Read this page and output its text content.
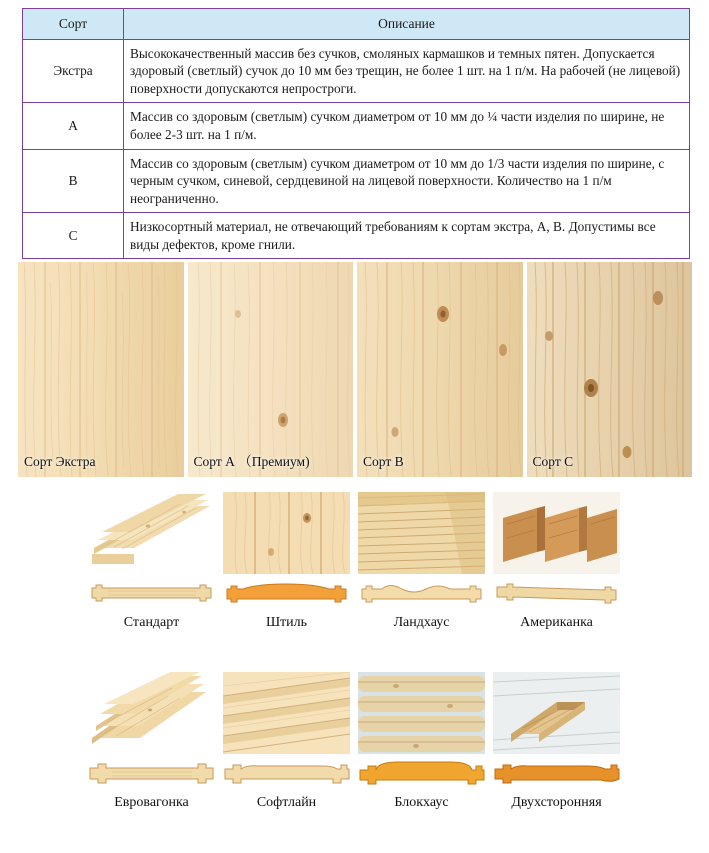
Сорт	Описание
Экстра	Высококачественный массив без сучков, смоляных кармашков и темных пятен. Допускается здоровый (светлый) сучок до 10 мм без трещин, не более 1 шт. на 1 п/м. На рабочей (не лицевой) поверхности допускаются непростроги.
А	Массив со здоровым (светлым) сучком диаметром от 10 мм до ¼ части изделия по ширине, не более 2-3 шт. на 1 п/м.
В	Массив со здоровым (светлым) сучком диаметром от 10 мм до 1/3 части изделия по ширине, с черным сучком, синевой, сердцевиной на лицевой поверхности. Количество на 1 п/м неограниченно.
С	Низкосортный материал, не отвечающий требованиям к сортам экстра, А, В. Допустимы все виды дефектов, кроме гнили.
Сорт Экстра	Сорт А （Премиум)	Сорт В	Сорт С
Стандарт	Штиль	Ландхаус	Американка
Евровагонка	Софтлайн	Блокхаус	Двухсторонняя
